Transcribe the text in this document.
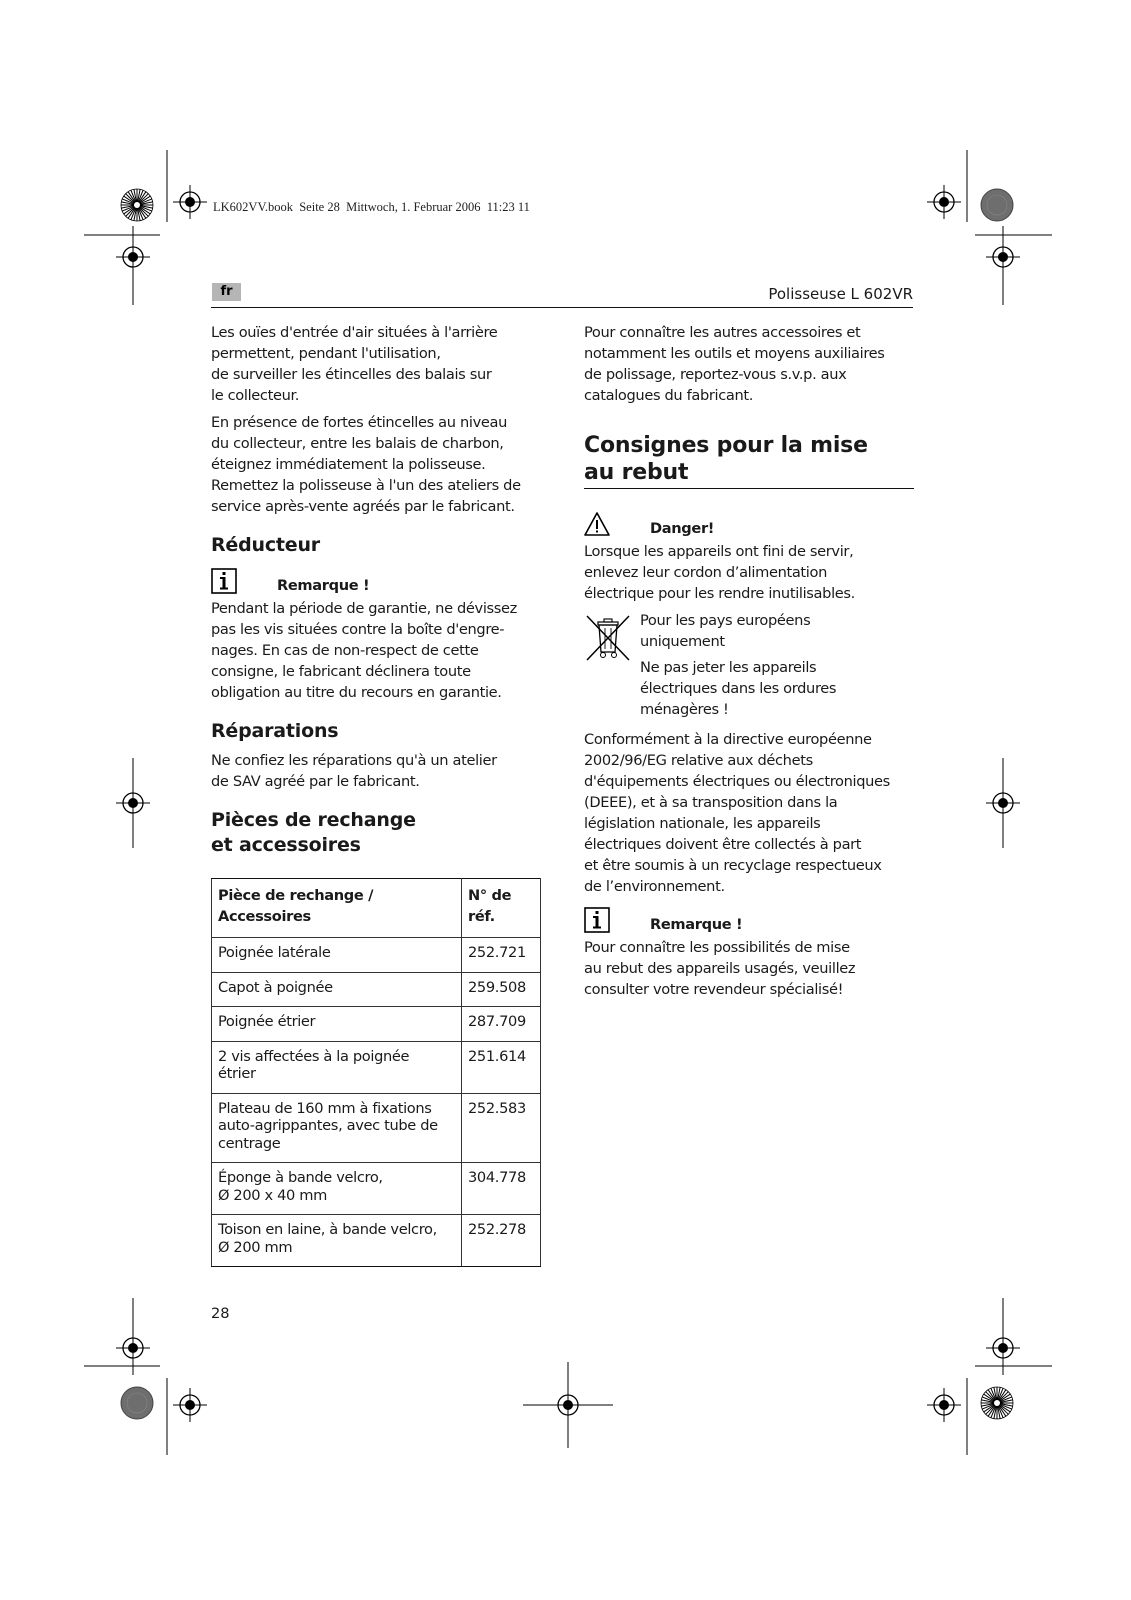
LK602VV.book  Seite 28  Mittwoch, 1. Februar 2006  11:23 11
fr	Polisseuse L 602VR

Les ouïes d'entrée d'air situées à l'arrière
permettent, pendant l'utilisation,
de surveiller les étincelles des balais sur
le collecteur.

En présence de fortes étincelles au niveau
du collecteur, entre les balais de charbon,
éteignez immédiatement la polisseuse.
Remettez la polisseuse à l'un des ateliers de
service après-vente agréés par le fabricant.

Réducteur
Remarque !

Pendant la période de garantie, ne dévissez
pas les vis situées contre la boîte d'engre-
nages. En cas de non-respect de cette
consigne, le fabricant déclinera toute
obligation au titre du recours en garantie.

Réparations

Ne confiez les réparations qu'à un atelier
de SAV agréé par le fabricant.

Pièces de rechange
et accessoires
Pièce de rechange /
Accessoires	N° de réf.
Poignée latérale	252.721
Capot à poignée	259.508
Poignée étrier	287.709
2 vis affectées à la poignée
étrier	251.614
Plateau de 160 mm à fixations
auto-agrippantes, avec tube de
centrage	252.583
Éponge à bande velcro,
Ø 200 x 40 mm	304.778
Toison en laine, à bande velcro,
Ø 200 mm	252.278

Pour connaître les autres accessoires et
notamment les outils et moyens auxiliaires
de polissage, reportez-vous s.v.p. aux
catalogues du fabricant.

Consignes pour la mise
au rebut
Danger!

Lorsque les appareils ont fini de servir,
enlevez leur cordon d’alimentation
électrique pour les rendre inutilisables.

Pour les pays européens
uniquement

Ne pas jeter les appareils
électriques dans les ordures
ménagères !

Conformément à la directive européenne
2002/96/EG relative aux déchets
d'équipements électriques ou électroniques
(DEEE), et à sa transposition dans la
législation nationale, les appareils
électriques doivent être collectés à part
et être soumis à un recyclage respectueux
de l’environnement.

Remarque !

Pour connaître les possibilités de mise
au rebut des appareils usagés, veuillez
consulter votre revendeur spécialisé!

28
